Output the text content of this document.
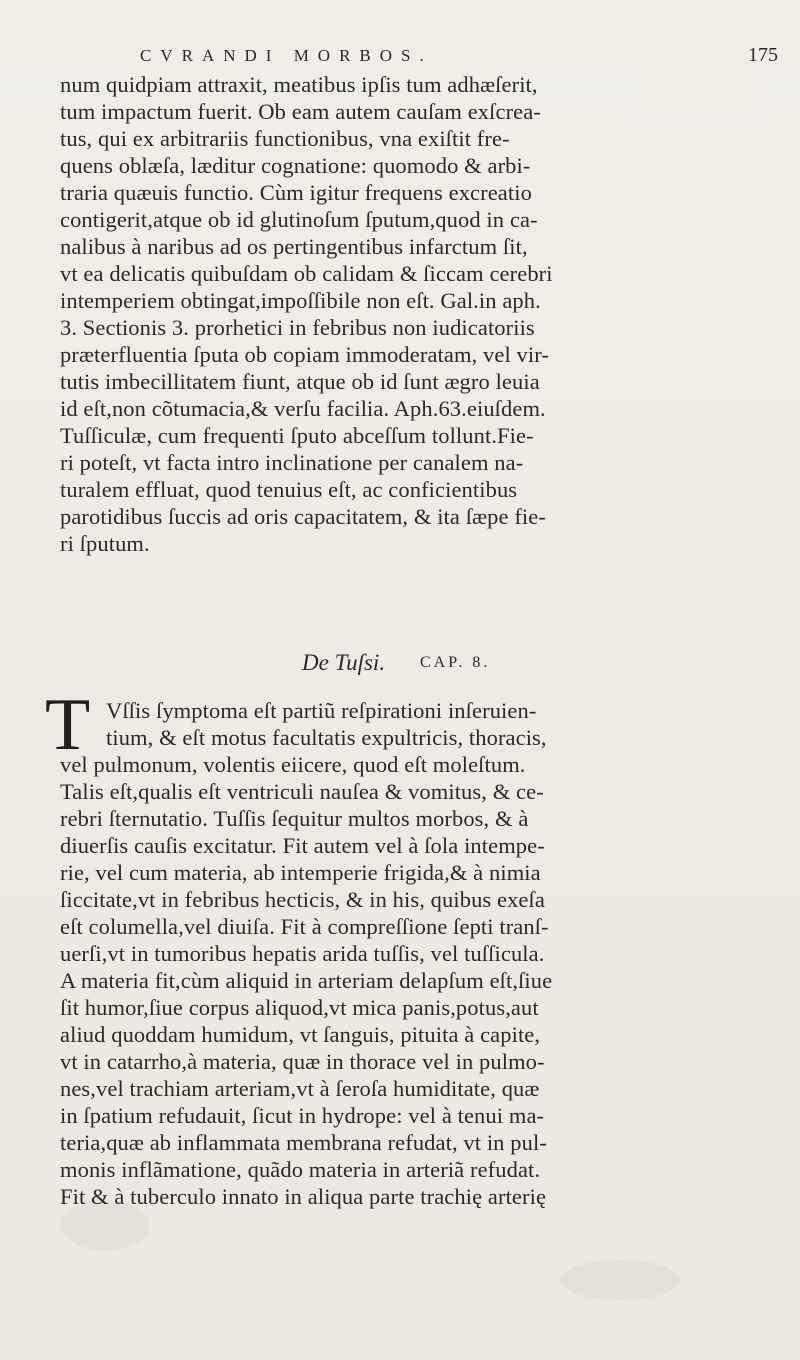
CVRANDI MORBOS.	175
num quidpiam attraxit, meatibus ipſis tum adhæſerit,
tum impactum fuerit. Ob eam autem cauſam exſcrea-
tus, qui ex arbitrariis functionibus, vna exiſtit fre-
quens oblæſa, læditur cognatione: quomodo & arbi-
traria quæuis functio. Cùm igitur frequens excreatio
contigerit,atque ob id glutinoſum ſputum,quod in ca-
nalibus à naribus ad os pertingentibus infarctum ſit,
vt ea delicatis quibuſdam ob calidam & ſiccam cerebri
intemperiem obtingat,impoſſibile non eſt. Gal.in aph.
3. Sectionis 3. prorhetici in febribus non iudicatoriis
præterfluentia ſputa ob copiam immoderatam, vel vir-
tutis imbecillitatem fiunt, atque ob id ſunt ægro leuia
id eſt,non cõtumacia,& verſu facilia. Aph.63.eiuſdem.
Tuſſiculæ, cum frequenti ſputo abceſſum tollunt.Fie-
ri poteſt, vt facta intro inclinatione per canalem na-
turalem effluat, quod tenuius eſt, ac conficientibus
parotidibus ſuccis ad oris capacitatem, & ita ſæpe fie-
ri ſputum.
De Tuſsi. CAP. 8.
T Vſſis ſymptoma eſt partiũ reſpirationi inſeruien-
tium, & eſt motus facultatis expultricis, thoracis,
vel pulmonum, volentis eiicere, quod eſt moleſtum.
Talis eſt,qualis eſt ventriculi nauſea & vomitus, & ce-
rebri ſternutatio. Tuſſis ſequitur multos morbos, & à
diuerſis cauſis excitatur. Fit autem vel à ſola intempe-
rie, vel cum materia, ab intemperie frigida,& à nimia
ſiccitate,vt in febribus hecticis, & in his, quibus exeſa
eſt columella,vel diuiſa. Fit à compreſſione ſepti tranſ-
uerſi,vt in tumoribus hepatis arida tuſſis, vel tuſſicula.
A materia fit,cùm aliquid in arteriam delapſum eſt,ſiue
ſit humor,ſiue corpus aliquod,vt mica panis,potus,aut
aliud quoddam humidum, vt ſanguis, pituita à capite,
vt in catarrho,à materia, quæ in thorace vel in pulmo-
nes,vel trachiam arteriam,vt à ſeroſa humiditate, quæ
in ſpatium refudauit, ſicut in hydrope: vel à tenui ma-
teria,quæ ab inflammata membrana refudat, vt in pul-
monis inflãmatione, quãdo materia in arteriã refudat.
Fit & à tuberculo innato in aliqua parte trachię arterię
